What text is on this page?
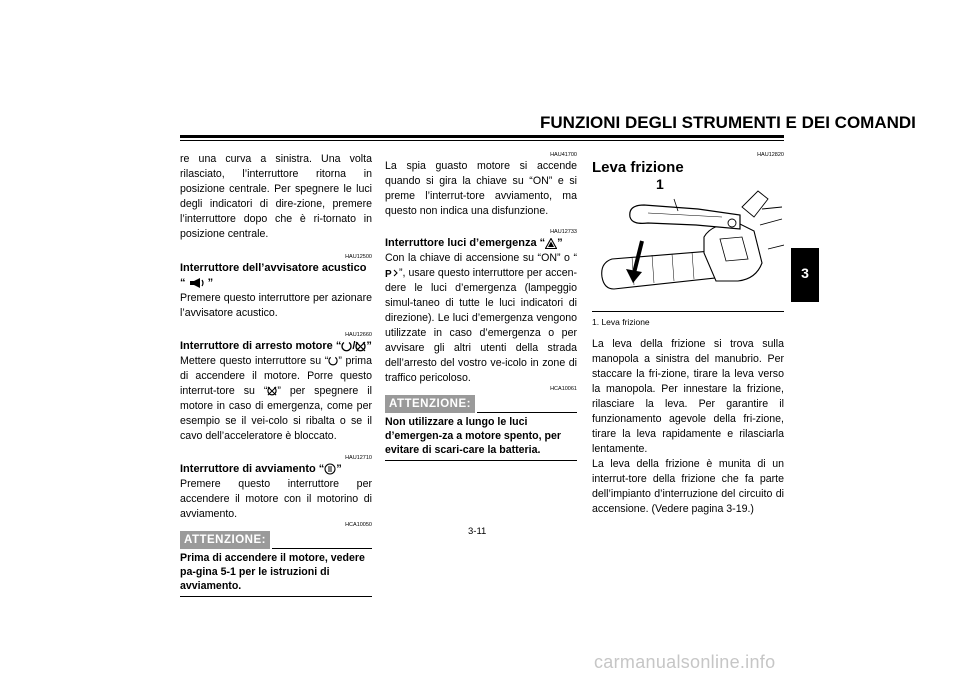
FUNZIONI DEGLI STRUMENTI E DEI COMANDI
3

re una curva a sinistra. Una volta rilasciato, l’interruttore ritorna in posizione centrale. Per spegnere le luci degli indicatori di dire-zione, premere l’interruttore dopo che è ri-tornato in posizione centrale.

HAU12500
Interruttore dell’avvisatore acustico
“ ”

Premere questo interruttore per azionare l’avvisatore acustico.

HAU12660
Interruttore di arresto motore “ / ”

Mettere questo interruttore su “ ” prima di accendere il motore. Porre questo interrut-tore su “ ” per spegnere il motore in caso di emergenza, come per esempio se il vei-colo si ribalta o se il cavo dell’acceleratore è bloccato.

HAU12710
Interruttore di avviamento “ ”

Premere questo interruttore per accendere il motore con il motorino di avviamento.

HCA10050
ATTENZIONE:
Prima di accendere il motore, vedere pa-gina 5-1 per le istruzioni di avviamento.
HAU41700

La spia guasto motore si accende quando si gira la chiave su “ON” e si preme l’interrut-tore avviamento, ma questo non indica una disfunzione.

HAU12733
Interruttore luci d’emergenza “ ”

Con la chiave di accensione su “ON” o “
P ”, usare questo interruttore per accen-dere le luci d’emergenza (lampeggio simul-taneo di tutte le luci indicatori di direzione). Le luci d’emergenza vengono utilizzate in caso d’emergenza o per avvisare gli altri utenti della strada dell’arresto del vostro ve-icolo in zone di traffico pericoloso.

HCA10061
ATTENZIONE:
Non utilizzare a lungo le luci d’emergen-za a motore spento, per evitare di scari-care la batteria.
HAU12820
Leva frizione
1
1. Leva frizione

La leva della frizione si trova sulla manopola a sinistra del manubrio. Per staccare la fri-zione, tirare la leva verso la manopola. Per innestare la frizione, rilasciare la leva. Per garantire il funzionamento agevole della fri-zione, tirare la leva rapidamente e rilasciarla lentamente.

La leva della frizione è munita di un interrut-tore della frizione che fa parte dell’impianto d’interruzione del circuito di accensione. (Vedere pagina 3-19.)

3-11
carmanualsonline.info
